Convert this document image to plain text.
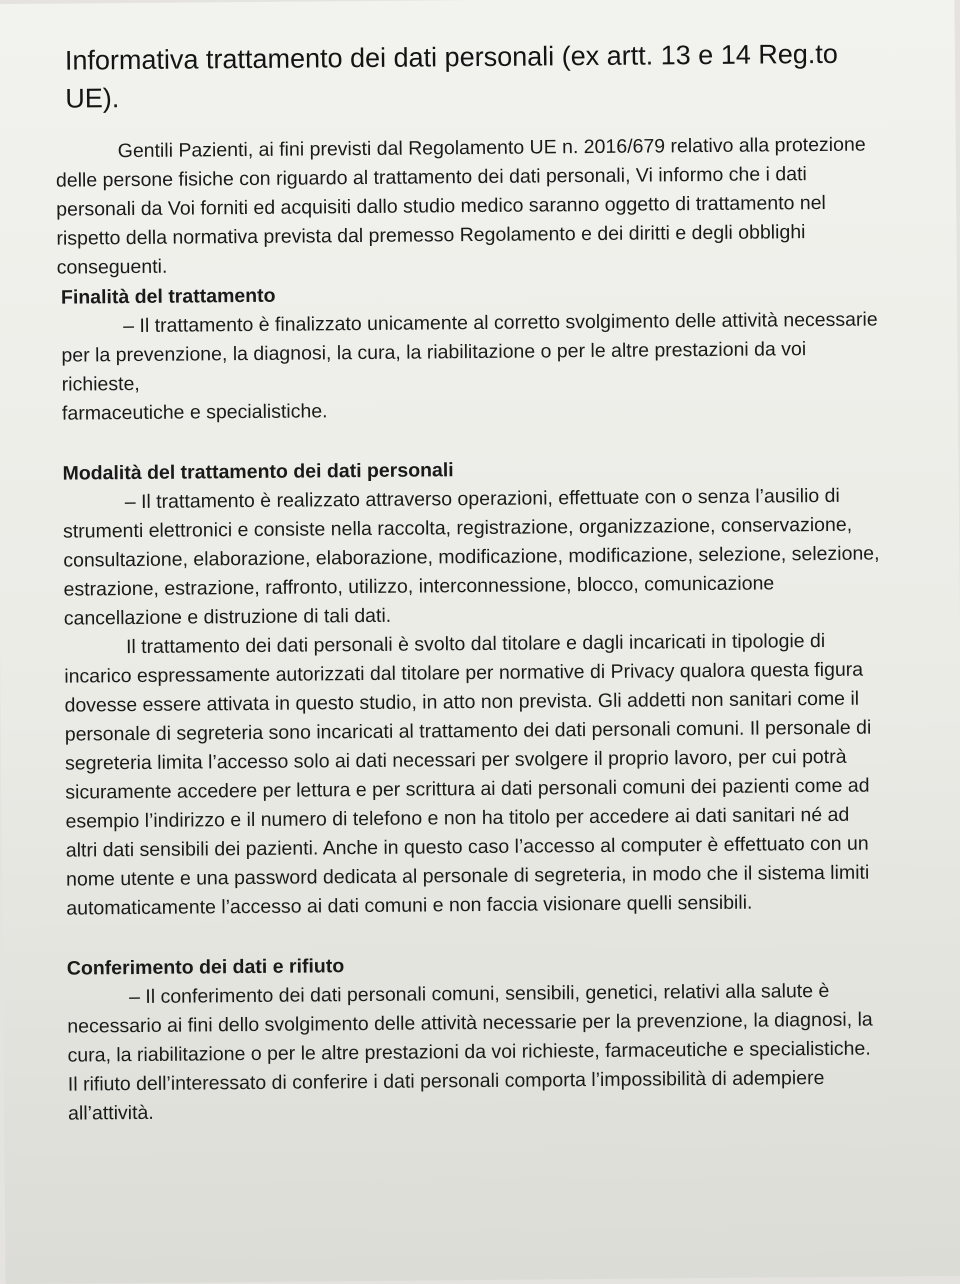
Informativa trattamento dei dati personali (ex artt. 13 e 14 Reg.to UE).

Gentili Pazienti, ai fini previsti dal Regolamento UE n. 2016/679 relativo alla protezione delle persone fisiche con riguardo al trattamento dei dati personali, Vi informo che i dati personali da Voi forniti ed acquisiti dallo studio medico saranno oggetto di trattamento nel rispetto della normativa prevista dal premesso Regolamento e dei diritti e degli obblighi conseguenti.

Finalità del trattamento

– Il trattamento è finalizzato unicamente al corretto svolgimento delle attività necessarie per la prevenzione, la diagnosi, la cura, la riabilitazione o per le altre prestazioni da voi richieste,

farmaceutiche e specialistiche.

Modalità del trattamento dei dati personali

– Il trattamento è realizzato attraverso operazioni, effettuate con o senza l’ausilio di strumenti elettronici e consiste nella raccolta, registrazione, organizzazione, conservazione, consultazione, elaborazione, elaborazione, modificazione, modificazione, selezione, selezione, estrazione, estrazione, raffronto, utilizzo, interconnessione, blocco, comunicazione cancellazione e distruzione di tali dati.

Il trattamento dei dati personali è svolto dal titolare e dagli incaricati in tipologie di incarico espressamente autorizzati dal titolare per normative di Privacy qualora questa figura dovesse essere attivata in questo studio, in atto non prevista. Gli addetti non sanitari come il personale di segreteria sono incaricati al trattamento dei dati personali comuni. Il personale di segreteria limita l’accesso solo ai dati necessari per svolgere il proprio lavoro, per cui potrà sicuramente accedere per lettura e per scrittura ai dati personali comuni dei pazienti come ad esempio l’indirizzo e il numero di telefono e non ha titolo per accedere ai dati sanitari né ad altri dati sensibili dei pazienti. Anche in questo caso l’accesso al computer è effettuato con un nome utente e una password dedicata al personale di segreteria, in modo che il sistema limiti automaticamente l’accesso ai dati comuni e non faccia visionare quelli sensibili.

Conferimento dei dati e rifiuto

– Il conferimento dei dati personali comuni, sensibili, genetici, relativi alla salute è necessario ai fini dello svolgimento delle attività necessarie per la prevenzione, la diagnosi, la cura, la riabilitazione o per le altre prestazioni da voi richieste, farmaceutiche e specialistiche. Il rifiuto dell’interessato di conferire i dati personali comporta l’impossibilità di adempiere all’attività.
